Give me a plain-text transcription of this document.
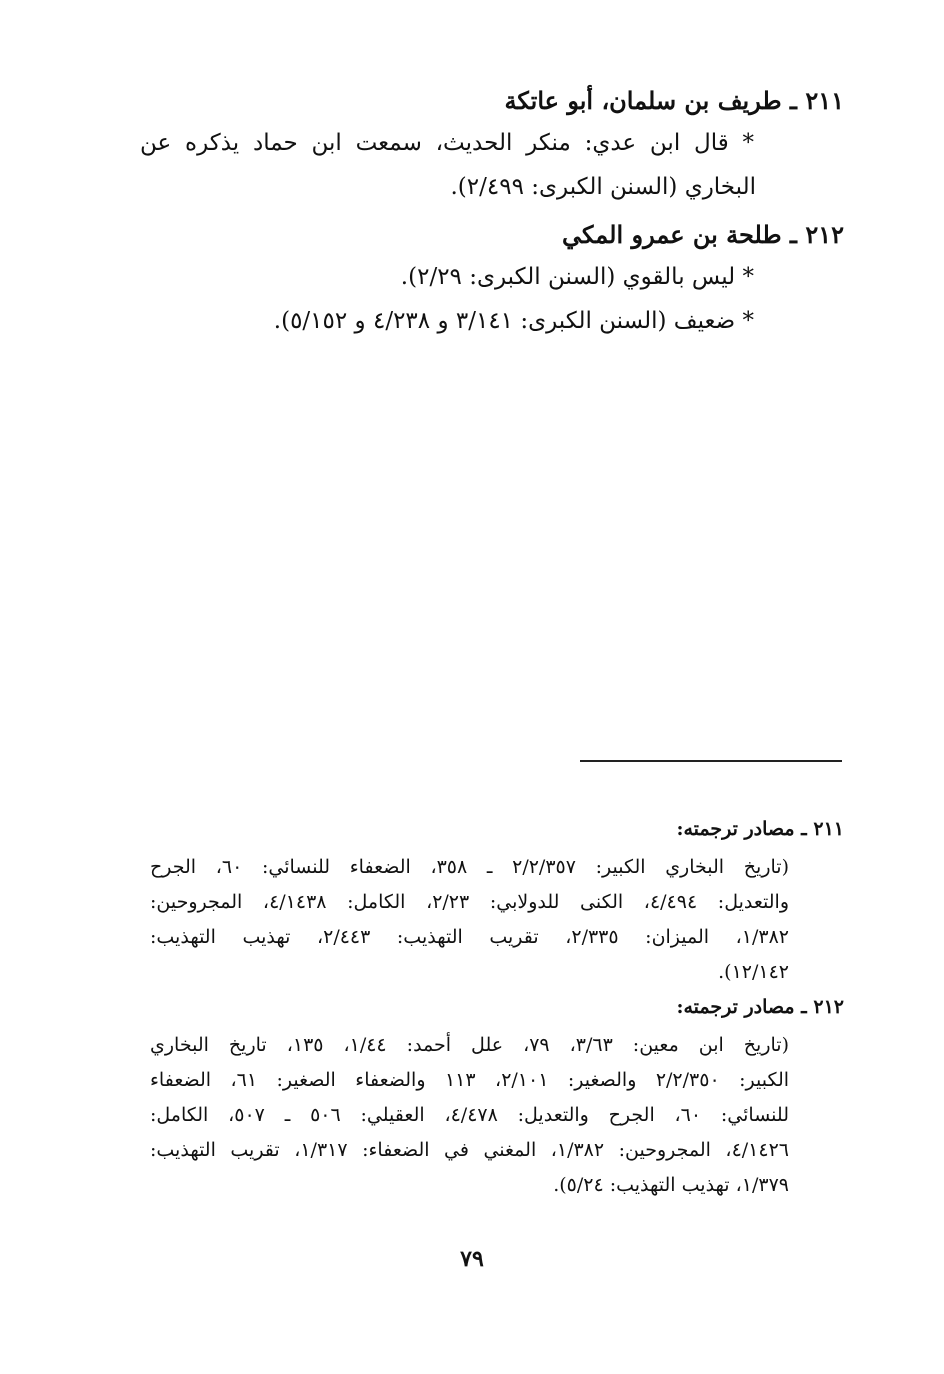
٢١١ ـ طريف بن سلمان، أبو عاتكة
* قال ابن عدي: منكر الحديث، سمعت ابن حماد يذكره عن
البخاري (السنن الكبرى: ٢/٤٩٩).
٢١٢ ـ طلحة بن عمرو المكي
* ليس بالقوي (السنن الكبرى: ٢/٢٩).
* ضعيف (السنن الكبرى: ٣/١٤١ و ٤/٢٣٨ و ٥/١٥٢).
٢١١ ـ مصادر ترجمته:
(تاريخ البخاري الكبير: ٢/٢/٣٥٧ ـ ٣٥٨، الضعفاء للنسائي: ٦٠، الجرح
والتعديل: ٤/٤٩٤، الكنى للدولابي: ٢/٢٣، الكامل: ٤/١٤٣٨، المجروحين:
١/٣٨٢، الميزان: ٢/٣٣٥، تقريب التهذيب: ٢/٤٤٣، تهذيب التهذيب:
١٢/١٤٢).
٢١٢ ـ مصادر ترجمته:
(تاريخ ابن معين: ٣/٦٣، ٧٩، علل أحمد: ١/٤٤، ١٣٥، تاريخ البخاري
الكبير: ٢/٢/٣٥٠ والصغير: ٢/١٠١، ١١٣ والضعفاء الصغير: ٦١، الضعفاء
للنسائي: ٦٠، الجرح والتعديل: ٤/٤٧٨، العقيلي: ٥٠٦ ـ ٥٠٧، الكامل:
٤/١٤٢٦، المجروحين: ١/٣٨٢، المغني في الضعفاء: ١/٣١٧، تقريب التهذيب:
١/٣٧٩، تهذيب التهذيب: ٥/٢٤).
٧٩
